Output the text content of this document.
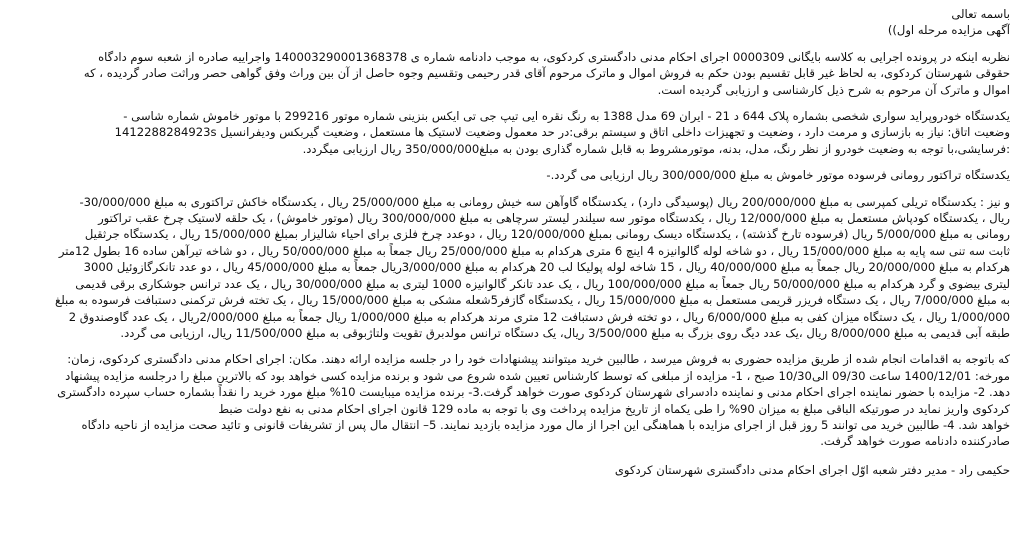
باسمه تعالی
آگهی مزایده مرحله اول))
نظربه اینکه در پرونده اجرایی به کلاسه بایگانی 0000309 اجرای احکام مدنی دادگستری کردکوی، به موجب دادنامه شماره ی 140003290001368378 واجراییه صادره از شعبه سوم دادگاه
حقوقی شهرستان کردکوی، به لحاظ غیر قابل تقسیم بودن حکم به فروش اموال و ماترک مرحوم آقای قدر رحیمی وتقسیم وجوه حاصل از آن بین وراث وفق گواهی حصر وراثت صادر گردیده ، که
اموال و ماترک آن مرحوم به شرح ذیل کارشناسی و ارزیابی گردیده است.
یکدستگاه خودروپراید سواری شخصی بشماره پلاک 644 د 21 - ایران 69 مدل 1388 به رنگ نقره ایی تیپ جی تی ایکس بنزینی شماره موتور 299216 با موتور خاموش شماره شاسی -
وضعیت اتاق: نیاز به بازسازی و مرمت دارد ، وضعیت و تجهیزات داخلی اتاق و سیستم برقی:در حد معمول وضعیت لاستیک ها مستعمل ، وضعیت گیربکس ودیفرانسیل 1412288284923s
:فرسایشی،با توجه به وضعیت خودرو از نظر رنگ، مدل، بدنه، موتورمشروط به قابل شماره گذاری بودن به مبلغ350/000/000 ریال ارزیابی میگردد.
یکدستگاه تراکتور رومانی فرسوده موتور خاموش به مبلغ 300/000/000 ریال ارزیابی می گردد.-
و نیز : یکدستگاه تریلی کمپرسی به مبلغ 200/000/000 ریال (پوسیدگی دارد) ، یکدستگاه گاوآهن سه خیش رومانی به مبلغ 25/000/000 ریال ، یکدستگاه خاکش تراکتوری به مبلغ 30/000/000-
ریال ، یکدستگاه کودپاش مستعمل به مبلغ 12/000/000 ریال ، یکدستگاه موتور سه سیلندر لیستر سرچاهی به مبلغ 300/000/000 ریال (موتور خاموش) ، یک حلقه لاستیک چرخ عقب تراکتور
رومانی به مبلغ 5/000/000 ریال (فرسوده تارخ گذشته) ، یکدستگاه دیسک رومانی بمبلغ 120/000/000 ریال ، دوعدد چرخ فلزی برای احیاء شالیزار بمبلغ 15/000/000 ریال ، یکدستگاه جرثقیل
ثابت سه تنی سه پایه به مبلغ 15/000/000 ریال ، دو شاخه لوله گالوانیزه 4 اینچ 6 متری هرکدام به مبلغ 25/000/000 ریال جمعاً به مبلغ 50/000/000 ریال ، دو شاخه تیرآهن ساده 16 بطول 12متر
هرکدام به مبلغ 20/000/000 ریال جمعاً به مبلغ 40/000/000 ریال ، 15 شاخه لوله پولیکا لب 20 هرکدام به مبلغ 3/000/000ریال جمعاً به مبلغ 45/000/000 ریال ، دو عدد تانکرگازوئیل 3000
لیتری بیضوی و گرد هرکدام به مبلغ 50/000/000 ریال جمعاً به مبلغ 100/000/000 ریال ، یک عدد تانکر گالوانیزه 1000 لیتری به مبلغ 30/000/000 ریال ، یک عدد ترانس جوشکاری برقی قدیمی
به مبلغ 7/000/000 ریال ، یک دستگاه فریزر قریمی مستعمل به مبلغ 15/000/000 ریال ، یکدستگاه گازفر5شعله مشکی به مبلغ 15/000/000 ریال ، یک تخته فرش ترکمنی دستبافت فرسوده به مبلغ
1/000/000 ریال ، یک دستگاه میزان کفی به مبلغ 6/000/000 ریال ، دو تخته فرش دستبافت 12 متری مرند هرکدام به مبلغ 1/000/000 ریال جمعاً به مبلغ 2/000/000ریال ، یک عدد گاوصندوق 2
طبقه آبی قدیمی به مبلغ 8/000/000 ریال ،یک عدد دیگ روی بزرگ به مبلغ 3/500/000 ریال، یک دستگاه ترانس مولدبرق تقویت ولتاژبوقی به مبلغ 11/500/000 ریال، ارزیابی می گردد.
که باتوجه به اقدامات انجام شده از طریق مزایده حضوری به فروش میرسد ، طالبین خرید میتوانند پیشنهادات خود را در جلسه مزایده ارائه دهند. مکان: اجرای احکام مدنی دادگستری کردکوی، زمان:
مورخه: 1400/12/01 ساعت 09/30 الی10/30 صبح ، 1- مزایده از مبلغی که توسط کارشناس تعیین شده شروع می شود و برنده مزایده کسی خواهد بود که بالاترین مبلغ را درجلسه مزایده پیشنهاد
دهد. 2- مزایده با حضور نماینده اجرای احکام مدنی و نماینده دادسرای شهرستان کردکوی صورت خواهد گرفت.3- برنده مزایده میبایست 10% مبلغ مورد خرید را نقداً بشماره حساب سپرده دادگستری
کردکوی واریز نماید در صورتیکه الباقی مبلغ به میزان 90% را طی یکماه از تاریخ مزایده پرداخت وی با توجه به ماده 129 قانون اجرای احکام مدنی به نفع دولت ضبط
خواهد شد. 4- طالبین خرید می توانند 5 روز قبل از اجرای مزایده با هماهنگی این اجرا از مال مورد مزایده بازدید نمایند. 5– انتقال مال پس از تشریفات قانونی و تائید صحت مزایده از ناحیه دادگاه
صادرکننده دادنامه صورت خواهد گرفت.
حکیمی راد - مدیر دفتر شعبه اوّل اجرای احکام مدنی دادگستری شهرستان کردکوی
